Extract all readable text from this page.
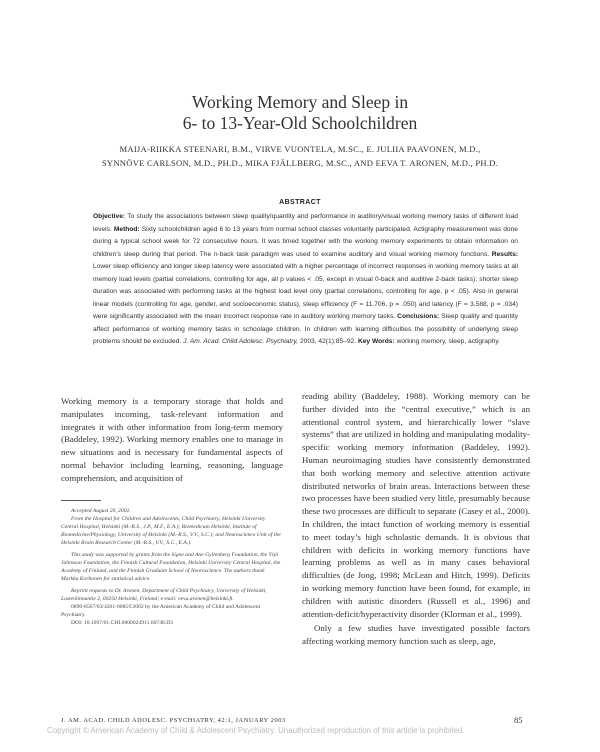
Working Memory and Sleep in
6- to 13-Year-Old Schoolchildren
MAIJA-RIIKKA STEENARI, B.M., VIRVE VUONTELA, M.SC., E. JULIIA PAAVONEN, M.D.,
SYNNÖVE CARLSON, M.D., PH.D., MIKA FJÄLLBERG, M.SC., AND EEVA T. ARONEN, M.D., PH.D.
ABSTRACT
Objective: To study the associations between sleep quality/quantity and performance in auditory/visual working memory tasks of different load levels. Method: Sixty schoolchildren aged 6 to 13 years from normal school classes voluntarily participated. Actigraphy measurement was done during a typical school week for 72 consecutive hours. It was timed together with the working memory experiments to obtain information on children’s sleep during that period. The n-back task paradigm was used to examine auditory and visual working memory functions. Results: Lower sleep efficiency and longer sleep latency were associated with a higher percentage of incorrect responses in working memory tasks at all memory load levels (partial correlations, controlling for age, all p values < .05, except in visual 0-back and auditive 2-back tasks); shorter sleep duration was associated with performing tasks at the highest load level only (partial correlations, controlling for age, p < .05). Also in general linear models (controlling for age, gender, and socioeconomic status), sleep efficiency (F = 11.706, p = .050) and latency (F = 3.588, p = .034) were significantly associated with the mean incorrect response rate in auditory working memory tasks. Conclusions: Sleep quality and quantity affect performance of working memory tasks in schoolage children. In children with learning difficulties the possibility of underlying sleep problems should be excluded. J. Am. Acad. Child Adolesc. Psychiatry, 2003, 42(1):85–92. Key Words: working memory, sleep, actigraphy.
Working memory is a temporary storage that holds and manipulates incoming, task-relevant information and integrates it with other information from long-term memory (Baddeley, 1992). Working memory enables one to manage in new situations and is necessary for fundamental aspects of normal behavior including learning, reasoning, language comprehension, and acquisition of

reading ability (Baddeley, 1988). Working memory can be further divided into the “central executive,” which is an attentional control system, and hierarchically lower “slave systems” that are utilized in holding and manipulating modality-specific working memory information (Baddeley, 1992). Human neuroimaging studies have consistently demonstrated that both working memory and selective attention activate distributed networks of brain areas. Interactions between these two processes have been studied very little, presumably because these two processes are difficult to separate (Casey et al., 2000). In children, the intact function of working memory is essential to meet today’s high scholastic demands. It is obvious that children with deficits in working memory functions have learning problems as well as in many cases behavioral difficulties (de Jong, 1998; McLean and Hitch, 1999). Deficits in working memory function have been found, for example, in children with autistic disorders (Russell et al., 1996) and attention-deficit/hyperactivity disorder (Klorman et al., 1999).

Only a few studies have investigated possible factors affecting working memory function such as sleep, age,

Accepted August 20, 2002.

From the Hospital for Children and Adolescents, Child Psychiatry, Helsinki University Central Hospital, Helsinki (M.-R.S., J.P., M.F., E.A.); Biomedicum Helsinki, Institute of Biomedicine/Physiology, University of Helsinki (M.-R.S., V.V., S.C.); and Neuroscience Unit of the Helsinki Brain Research Center (M.-R.S., V.V., S.C., E.A.).

This study was supported by grants from the Signe and Ane Gyllenberg Foundation, the Yrjö Jahnsson Foundation, the Finnish Cultural Foundation, Helsinki University Central Hospital, the Academy of Finland, and the Finnish Graduate School of Neuroscience. The authors thank Markku Korhonen for statistical advice.

Reprint requests to Dr. Aronen, Department of Child Psychiatry, University of Helsinki, Lastenlinnantie 2, 00250 Helsinki, Finland; e-mail: eeva.aronen@helsinki.fi.

0890-8567/03/4201-0085©2002 by the American Academy of Child and Adolescent Psychiatry.

DOI: 10.1097/01.CHI.0000024911.60748.D3

J. AM. ACAD. CHILD ADOLESC. PSYCHIATRY, 42:1, JANUARY 2003	85
Copyright © American Academy of Child & Adolescent Psychiatry. Unauthorized reproduction of this article is prohibited.
